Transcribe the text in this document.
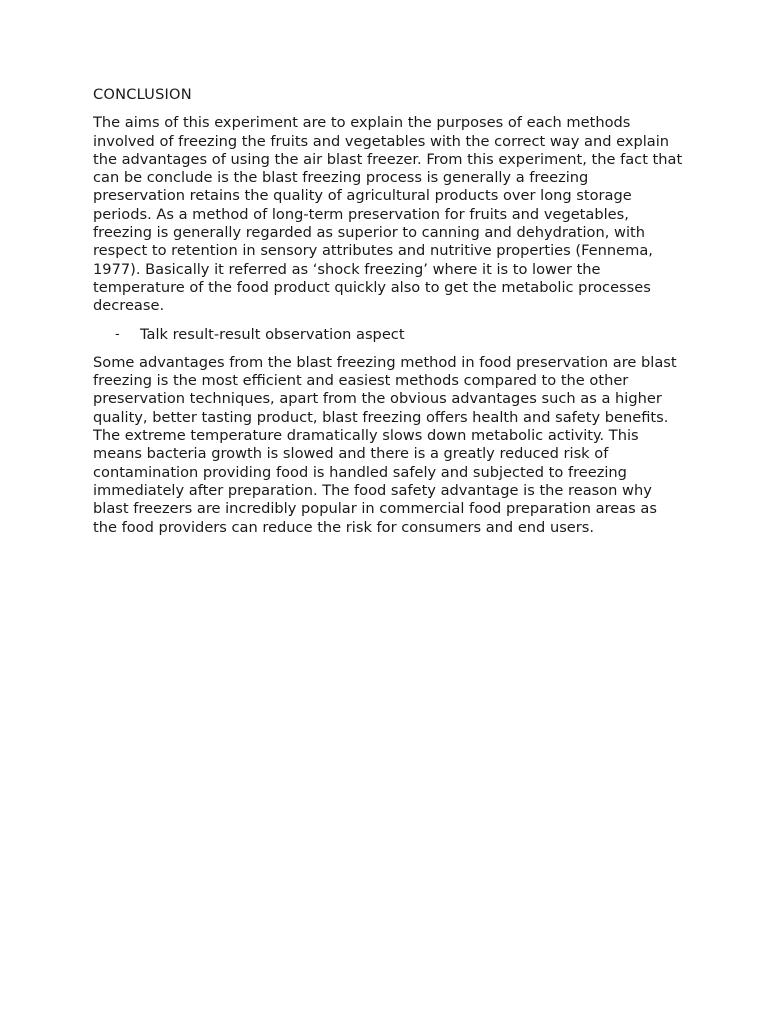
CONCLUSION

The aims of this experiment are to explain the purposes of each methods involved of freezing the fruits and vegetables with the correct way and explain the advantages of using the air blast freezer. From this experiment, the fact that can be conclude is the blast freezing process is generally a freezing preservation retains the quality of agricultural products over long storage periods. As a method of long-term preservation for fruits and vegetables, freezing is generally regarded as superior to canning and dehydration, with respect to retention in sensory attributes and nutritive properties (Fennema, 1977). Basically it referred as ‘shock freezing’ where it is to lower the temperature of the food product quickly also to get the metabolic processes decrease.

- Talk result-result observation aspect

Some advantages from the blast freezing method in food preservation are blast freezing is the most efficient and easiest methods compared to the other preservation techniques, apart from the obvious advantages such as a higher quality, better tasting product, blast freezing offers health and safety benefits. The extreme temperature dramatically slows down metabolic activity. This means bacteria growth is slowed and there is a greatly reduced risk of contamination providing food is handled safely and subjected to freezing immediately after preparation. The food safety advantage is the reason why blast freezers are incredibly popular in commercial food preparation areas as the food providers can reduce the risk for consumers and end users.
